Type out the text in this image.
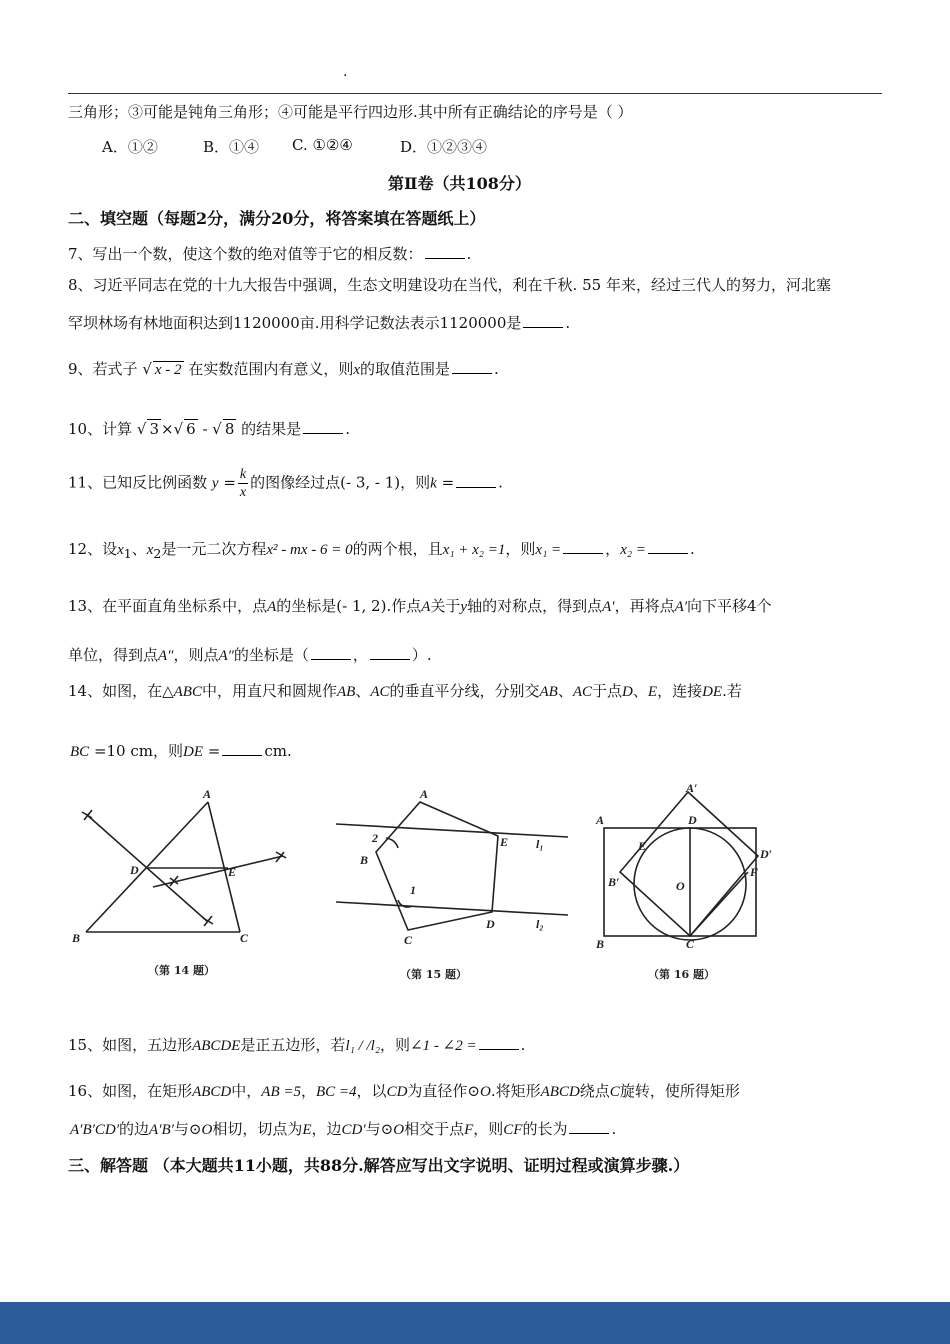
.
三角形；③可能是钝角三角形；④可能是平行四边形.其中所有正确结论的序号是（ ）
A．①②	B．①④ C. ①②④	D．①②③④
第Ⅱ卷（共108分）
二、填空题（每题2分，满分20分，将答案填在答题纸上）
7、写出一个数，使这个数的绝对值等于它的相反数：	.
8、习近平同志在党的十九大报告中强调，生态文明建设功在当代，利在千秋. 55 年来，经过三代人的努力，河北塞
罕坝林场有林地面积达到1120000亩.用科学记数法表示1120000是	.
9、若式子 √ x - 2 在实数范围内有意义，则x的取值范围是	.
10、计算 √ 3 ×√ 6 - √ 8 的结果是	.
11、已知反比例函数 $y = \frac{k}{x}$ 的图像经过点(- 3, - 1)，则k =	.
12、设$x_1$、$x_2$是一元二次方程x² - mx - 6 = 0的两个根，且x₁ + x₂ =1，则x₁ =	，x₂ =	.
13、在平面直角坐标系中，点A的坐标是(- 1, 2).作点A关于y轴的对称点，得到点A′，再将点A′向下平移4个
单位，得到点A″，则点A″的坐标是（	，	）.
14、如图，在△ABC中，用直尺和圆规作AB、AC的垂直平分线，分别交AB、AC于点D、E，连接DE.若
BC =10 cm，则DE =	cm.
A
B	C
D	E
（第 14 题）
A
B
C
D
E
2
1
l₁
l₂
（第 15 题）
A
A′
B
B′
C
D
D′
E
F
O
（第 16 题）
15、如图，五边形ABCDE是正五边形，若l₁ / /l₂，则∠1 - ∠2 =	.
16、如图，在矩形ABCD中，AB =5，BC =4，以CD为直径作⊙O.将矩形ABCD绕点C旋转，使所得矩形
A′B′CD′的边A′B′与⊙O相切，切点为E，边CD′与⊙O相交于点F，则CF的长为	.
三、解答题 （本大题共11小题，共88分.解答应写出文字说明、证明过程或演算步骤.）
